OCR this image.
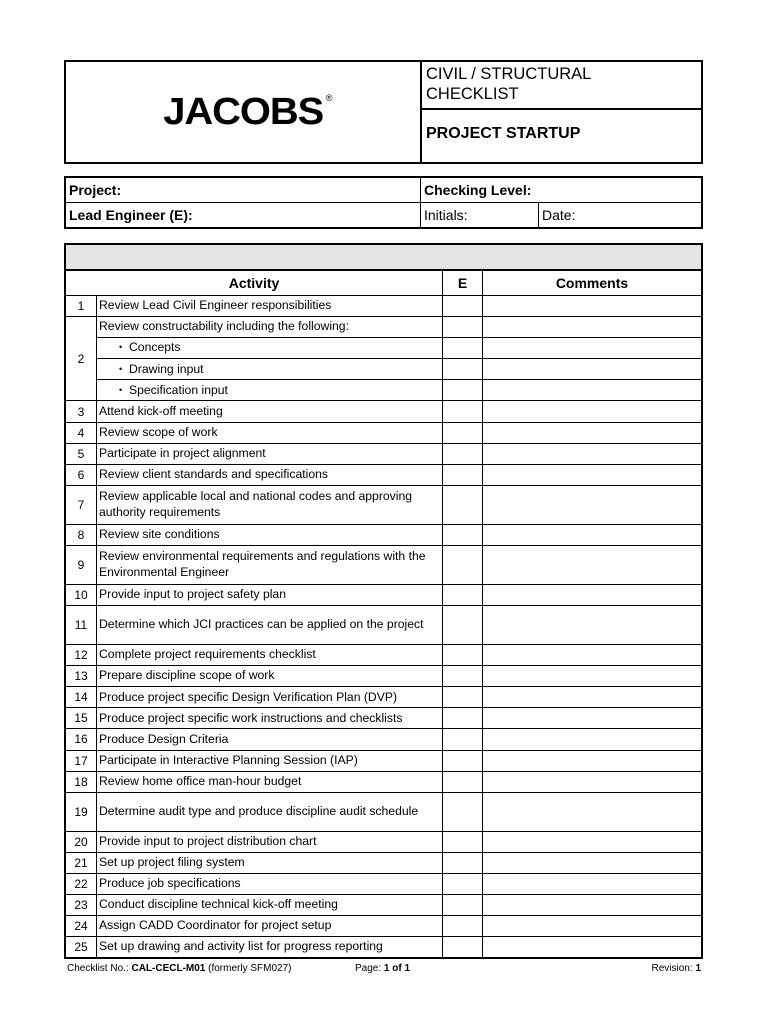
JACOBS ®

CIVIL / STRUCTURAL
CHECKLIST

PROJECT STARTUP
Project:	Checking Level:	
Lead Engineer (E):	Initials:	Date:

Activity		E	Comments
1	Review Lead Civil Engineer responsibilities		
2	Review constructability including the following:		
	• Concepts		
	• Drawing input		
	• Specification input		
3	Attend kick-off meeting		
4	Review scope of work		
5	Participate in project alignment		
6	Review client standards and specifications		
7	Review applicable local and national codes and approving authority requirements		
8	Review site conditions		
9	Review environmental requirements and regulations with the Environmental Engineer		
10	Provide input to project safety plan		
11	Determine which JCI practices can be applied on the project		
12	Complete project requirements checklist		
13	Prepare discipline scope of work		
14	Produce project specific Design Verification Plan (DVP)		
15	Produce project specific work instructions and checklists		
16	Produce Design Criteria		
17	Participate in Interactive Planning Session (IAP)		
18	Review home office man-hour budget		
19	Determine audit type and produce discipline audit schedule		
20	Provide input to project distribution chart		
21	Set up project filing system		
22	Produce job specifications		
23	Conduct discipline technical kick-off meeting		
24	Assign CADD Coordinator for project setup		
25	Set up drawing and activity list for progress reporting		
Checklist No.: CAL-CECL-M01 (formerly SFM027)	Page: 1 of 1	Revision: 1
